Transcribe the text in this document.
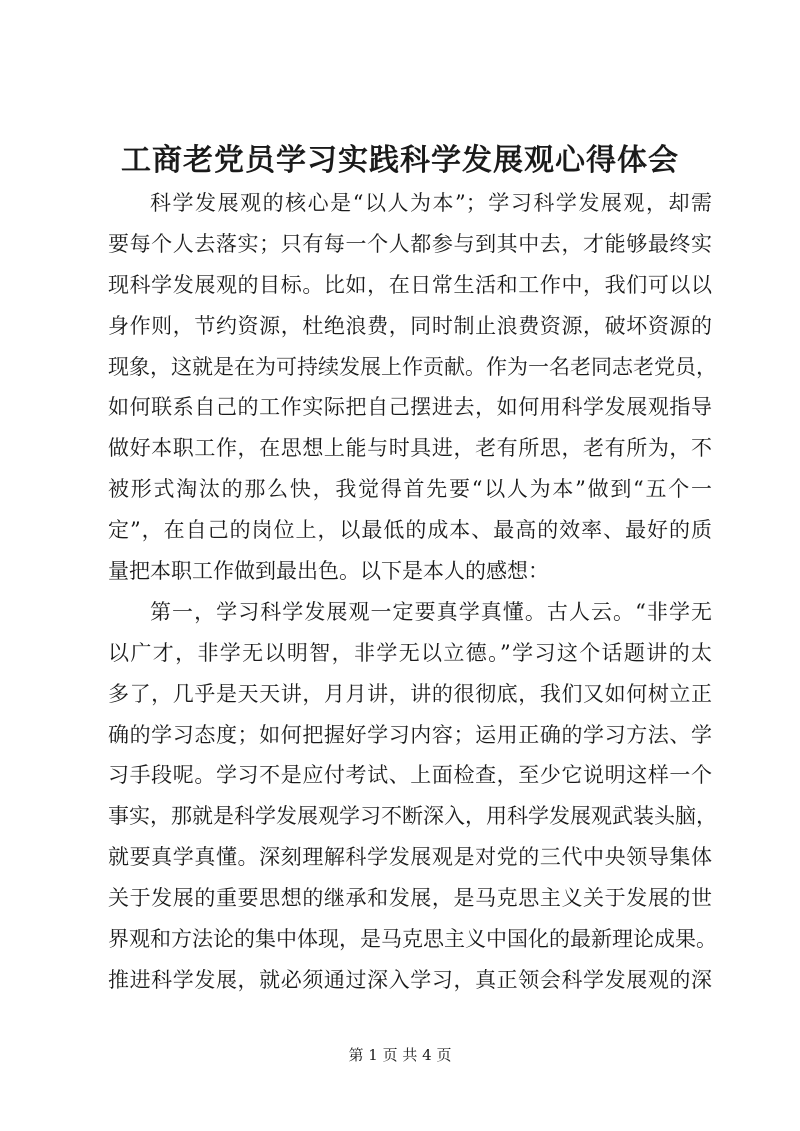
工商老党员学习实践科学发展观心得体会
科学发展观的核心是“以人为本”；学习科学发展观，却需
要每个人去落实；只有每一个人都参与到其中去，才能够最终实
现科学发展观的目标。比如，在日常生活和工作中，我们可以以
身作则，节约资源，杜绝浪费，同时制止浪费资源，破坏资源的
现象，这就是在为可持续发展上作贡献。作为一名老同志老党员，
如何联系自己的工作实际把自己摆进去，如何用科学发展观指导
做好本职工作，在思想上能与时具进，老有所思，老有所为，不
被形式淘汰的那么快，我觉得首先要“以人为本”做到“五个一
定”，在自己的岗位上，以最低的成本、最高的效率、最好的质
量把本职工作做到最出色。以下是本人的感想：
第一，学习科学发展观一定要真学真懂。古人云。“非学无
以广才，非学无以明智，非学无以立德。”学习这个话题讲的太
多了，几乎是天天讲，月月讲，讲的很彻底，我们又如何树立正
确的学习态度；如何把握好学习内容；运用正确的学习方法、学
习手段呢。学习不是应付考试、上面检查，至少它说明这样一个
事实，那就是科学发展观学习不断深入，用科学发展观武装头脑，
就要真学真懂。深刻理解科学发展观是对党的三代中央领导集体
关于发展的重要思想的继承和发展，是马克思主义关于发展的世
界观和方法论的集中体现，是马克思主义中国化的最新理论成果。
推进科学发展，就必须通过深入学习，真正领会科学发展观的深
第 1 页 共 4 页
